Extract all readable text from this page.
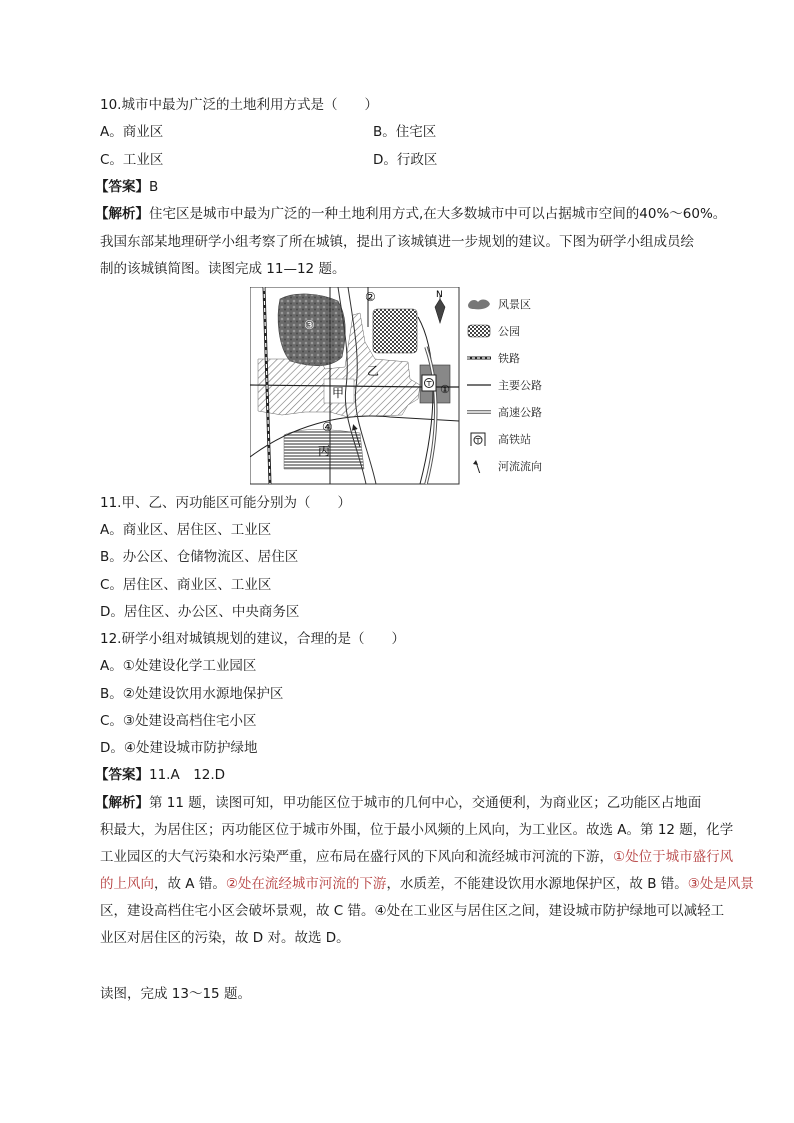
10.城市中最为广泛的土地利用方式是（　　）
A。商业区	B。住宅区
C。工业区	D。行政区
【答案】B
【解析】住宅区是城市中最为广泛的一种土地利用方式,在大多数城市中可以占据城市空间的40%～60%。
我国东部某地理研学小组考察了所在城镇，提出了该城镇进一步规划的建议。下图为研学小组成员绘
制的该城镇简图。读图完成 11—12 题。
N
③
②
乙
甲
④
丙
①
风景区
公园
铁路
主要公路
高速公路
高铁站
河流流向
11.甲、乙、丙功能区可能分别为（　　）
A。商业区、居住区、工业区
B。办公区、仓储物流区、居住区
C。居住区、商业区、工业区
D。居住区、办公区、中央商务区
12.研学小组对城镇规划的建议，合理的是（　　）
A。①处建设化学工业园区
B。②处建设饮用水源地保护区
C。③处建设高档住宅小区
D。④处建设城市防护绿地
【答案】11.A　12.D
【解析】第 11 题，读图可知，甲功能区位于城市的几何中心，交通便利，为商业区；乙功能区占地面
积最大，为居住区；丙功能区位于城市外围，位于最小风频的上风向，为工业区。故选 A。第 12 题，化学
工业园区的大气污染和水污染严重，应布局在盛行风的下风向和流经城市河流的下游，①处位于城市盛行风
的上风向，故 A 错。②处在流经城市河流的下游，水质差，不能建设饮用水源地保护区，故 B 错。③处是风景
区，建设高档住宅小区会破坏景观，故 C 错。④处在工业区与居住区之间，建设城市防护绿地可以减轻工
业区对居住区的污染，故 D 对。故选 D。
读图，完成 13～15 题。
